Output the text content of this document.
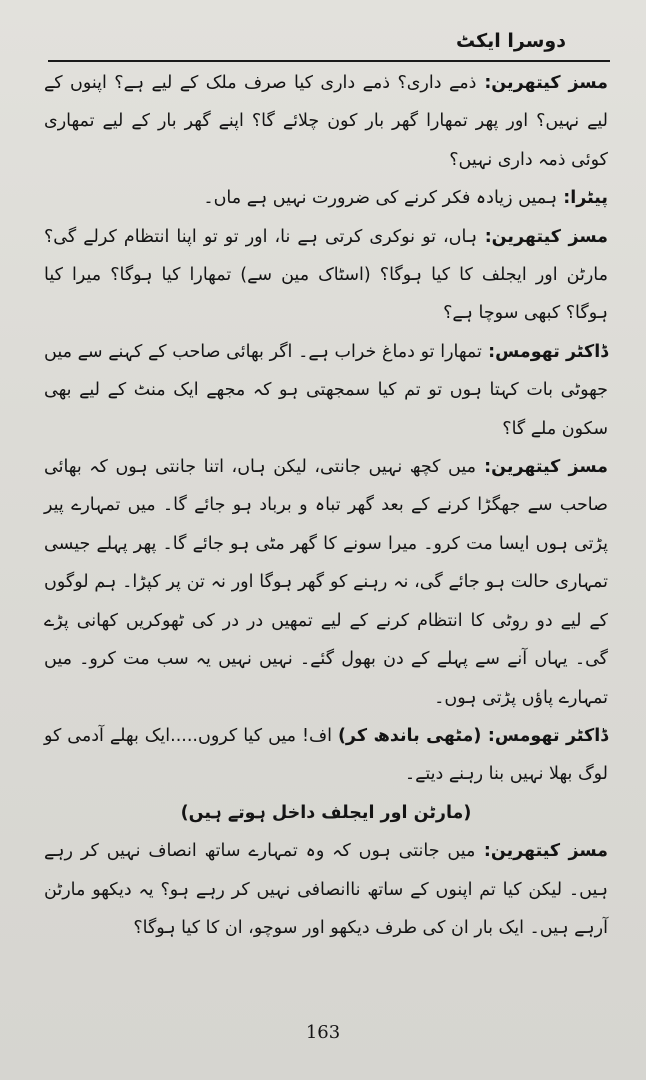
دوسرا ایکٹ

مسز کیتھرین:ذمے داری؟ ذمے داری کیا صرف ملک کے لیے ہے؟ اپنوں کے لیے نہیں؟ اور پھر تمھارا گھر بار کون چلائے گا؟ اپنے گھر بار کے لیے تمھاری کوئی ذمہ داری نہیں؟

پیٹرا:ہمیں زیادہ فکر کرنے کی ضرورت نہیں ہے ماں۔

مسز کیتھرین:ہاں، تو نوکری کرتی ہے نا، اور تو تو اپنا انتظام کرلے گی؟ مارٹن اور ایجلف کا کیا ہوگا؟ (اسٹاک مین سے) تمھارا کیا ہوگا؟ میرا کیا ہوگا؟ کبھی سوچا ہے؟

ڈاکٹر تھومس:تمھارا تو دماغ خراب ہے۔ اگر بھائی صاحب کے کہنے سے میں جھوٹی بات کہتا ہوں تو تم کیا سمجھتی ہو کہ مجھے ایک منٹ کے لیے بھی سکون ملے گا؟

مسز کیتھرین:میں کچھ نہیں جانتی، لیکن ہاں، اتنا جانتی ہوں کہ بھائی صاحب سے جھگڑا کرنے کے بعد گھر تباہ و برباد ہو جائے گا۔ میں تمہارے پیر پڑتی ہوں ایسا مت کرو۔ میرا سونے کا گھر مٹی ہو جائے گا۔ پھر پہلے جیسی تمہاری حالت ہو جائے گی، نہ رہنے کو گھر ہوگا اور نہ تن پر کپڑا۔ ہم لوگوں کے لیے دو روٹی کا انتظام کرنے کے لیے تمھیں در در کی ٹھوکریں کھانی پڑے گی۔ یہاں آنے سے پہلے کے دن بھول گئے۔ نہیں نہیں یہ سب مت کرو۔ میں تمہارے پاؤں پڑتی ہوں۔

ڈاکٹر تھومس:(مٹھی باندھ کر) اف! میں کیا کروں.....ایک بھلے آدمی کو لوگ بھلا نہیں بنا رہنے دیتے۔

(مارٹن اور ایجلف داخل ہوتے ہیں)

مسز کیتھرین:میں جانتی ہوں کہ وہ تمہارے ساتھ انصاف نہیں کر رہے ہیں۔ لیکن کیا تم اپنوں کے ساتھ ناانصافی نہیں کر رہے ہو؟ یہ دیکھو مارٹن آرہے ہیں۔ ایک بار ان کی طرف دیکھو اور سوچو، ان کا کیا ہوگا؟

163
